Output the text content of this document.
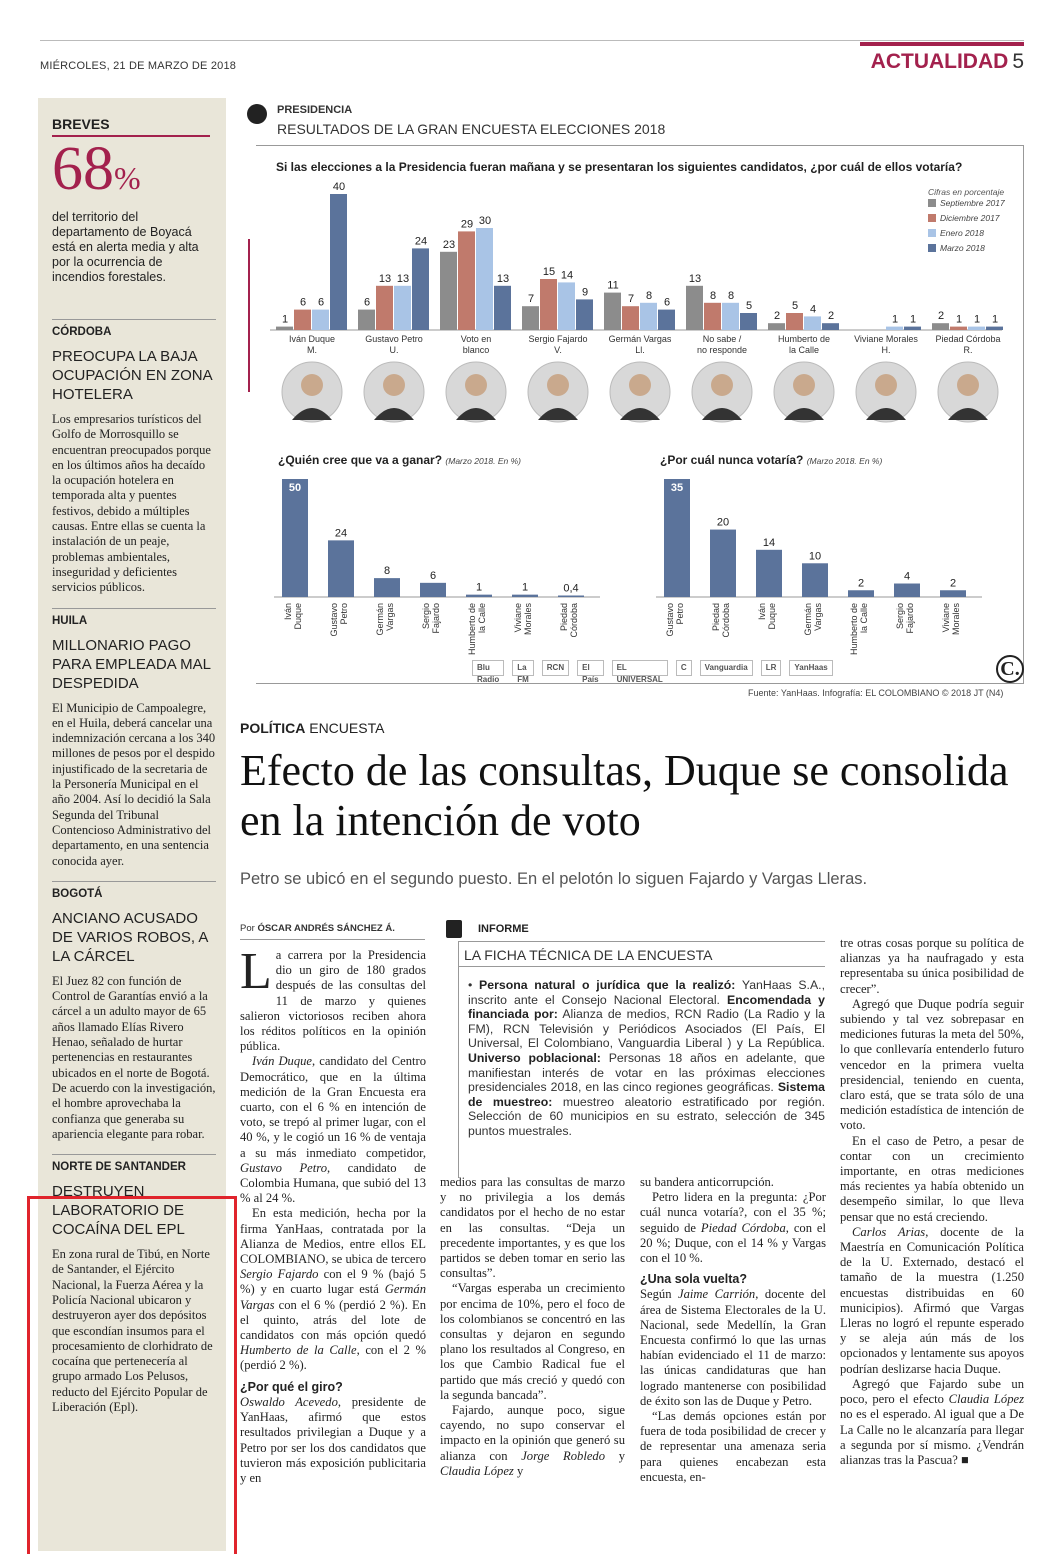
MIÉRCOLES, 21 DE MARZO DE 2018	ACTUALIDAD 5
BREVES
68%
del territorio del departamento de Boyacá está en alerta media y alta por la ocurrencia de incendios forestales.
CÓRDOBA
PREOCUPA LA BAJA OCUPACIÓN EN ZONA HOTELERA
Los empresarios turísticos del Golfo de Morrosquillo se encuentran preocupados porque en los últimos años ha decaído la ocupación hotelera en temporada alta y puentes festivos, debido a múltiples causas. Entre ellas se cuenta la instalación de un peaje, problemas ambientales, inseguridad y deficientes servicios públicos.
HUILA
MILLONARIO PAGO PARA EMPLEADA MAL DESPEDIDA
El Municipio de Campoalegre, en el Huila, deberá cancelar una indemnización cercana a los 340 millones de pesos por el despido injustificado de la secretaria de la Personería Municipal en el año 2004. Así lo decidió la Sala Segunda del Tribunal Contencioso Administrativo del departamento, en una sentencia conocida ayer.
BOGOTÁ
ANCIANO ACUSADO DE VARIOS ROBOS, A LA CÁRCEL
El Juez 82 con función de Control de Garantías envió a la cárcel a un adulto mayor de 65 años llamado Elías Rivero Henao, señalado de hurtar pertenencias en restaurantes ubicados en el norte de Bogotá. De acuerdo con la investigación, el hombre aprovechaba la confianza que generaba su apariencia elegante para robar.
NORTE DE SANTANDER
DESTRUYEN LABORATORIO DE COCAÍNA DEL EPL
En zona rural de Tibú, en Norte de Santander, el Ejército Nacional, la Fuerza Aérea y la Policía Nacional ubicaron y destruyeron ayer dos depósitos que escondían insumos para el procesamiento de clorhidrato de cocaína que pertenecería al grupo armado Los Pelusos, reducto del Ejército Popular de Liberación (Epl).
PRESIDENCIA
RESULTADOS DE LA GRAN ENCUESTA ELECCIONES 2018
Si las elecciones a la Presidencia fueran mañana y se presentaran los siguientes candidatos, ¿por cuál de ellos votaría?
1
6 6
40
Iván Duque
M.
6
13 13
24
Gustavo Petro
U.
23
29 30
13
Voto en
blanco
7
15 14
9
Sergio Fajardo
V.
11
7 8
6
Germán Vargas
Ll.
13
8 8
5
No sabe /
no responde
2
5 4
2
Humberto de
la Calle
1 1
Viviane Morales
H.
2 1 1 1
Piedad Córdoba
R.
Septiembre 2017
Diciembre 2017
Enero 2018
Marzo 2018
Cifras en porcentaje
¿Quién cree que va a ganar? (Marzo 2018. En %)
50
Iván Duque
24
Gustavo Petro
8
Germán Vargas
6
Sergio Fajardo
1
Humberto de la Calle
1
Viviane Morales
0,4
Piedad Córdoba
¿Por cuál nunca votaría? (Marzo 2018. En %)
35
Gustavo Petro
20
Piedad Córdoba
14
Iván Duque
10
Germán Vargas
2
Humberto de la Calle
4
Sergio Fajardo
2
Viviane Morales
Blu Radio
La FM
RCN	El País
EL UNIVERSAL
C	Vanguardia	LR	YanHaas	C.
Fuente: YanHaas. Infografía: EL COLOMBIANO © 2018 JT (N4)
POLÍTICA ENCUESTA
Efecto de las consultas, Duque se consolida en la intención de voto
Petro se ubicó en el segundo puesto. En el pelotón lo siguen Fajardo y Vargas Lleras.
Por ÓSCAR ANDRÉS SÁNCHEZ Á.

La carrera por la Presidencia dio un giro de 180 grados después de las consultas del 11 de marzo y quienes salieron victoriosos reciben ahora los réditos políticos en la opinión pública.

Iván Duque, candidato del Centro Democrático, que en la última medición de la Gran Encuesta era cuarto, con el 6 % en intención de voto, se trepó al primer lugar, con el 40 %, y le cogió un 16 % de ventaja a su más inmediato competidor, Gustavo Petro, candidato de Colombia Humana, que subió del 13 % al 24 %.

En esta medición, hecha por la firma YanHaas, contratada por la Alianza de Medios, entre ellos EL COLOMBIANO, se ubica de tercero Sergio Fajardo con el 9 % (bajó 5 %) y en cuarto lugar está Germán Vargas con el 6 % (perdió 2 %). En el quinto, atrás del lote de candidatos con más opción quedó Humberto de la Calle, con el 2 % (perdió 2 %).

¿Por qué el giro?

Oswaldo Acevedo, presidente de YanHaas, afirmó que estos resultados privilegian a Duque y a Petro por ser los dos candidatos que tuvieron más exposición publicitaria y en

INFORME
LA FICHA TÉCNICA DE LA ENCUESTA
• Persona natural o jurídica que la realizó: YanHaas S.A., inscrito ante el Consejo Nacional Electoral. Encomendada y financiada por: Alianza de medios, RCN Radio (La Radio y la FM), RCN Televisión y Periódicos Asociados (El País, El Universal, El Colombiano, Vanguardia Liberal ) y La República. Universo poblacional: Personas 18 años en adelante, que manifiestan interés de votar en las próximas elecciones presidenciales 2018, en las cinco regiones geográficas. Sistema de muestreo: muestreo aleatorio estratificado por región. Selección de 60 municipios en su estrato, selección de 345 puntos muestrales.

medios para las consultas de marzo y no privilegia a los demás candidatos por el hecho de no estar en las consultas. “Deja un precedente importantes, y es que los partidos se deben tomar en serio las consultas”.

“Vargas esperaba un crecimiento por encima de 10%, pero el foco de los colombianos se concentró en las consultas y dejaron en segundo plano los resultados al Congreso, en los que Cambio Radical fue el partido que más creció y quedó con la segunda bancada”.

Fajardo, aunque poco, sigue cayendo, no supo conservar el impacto en la opinión que generó su alianza con Jorge Robledo y Claudia López y

su bandera anticorrupción.

Petro lidera en la pregunta: ¿Por cuál nunca votaría?, con el 35 %; seguido de Piedad Córdoba, con el 20 %; Duque, con el 14 % y Vargas con el 10 %.

¿Una sola vuelta?

Según Jaime Carrión, docente del área de Sistema Electorales de la U. Nacional, sede Medellín, la Gran Encuesta confirmó lo que las urnas habían evidenciado el 11 de marzo: las únicas candidaturas que han logrado mantenerse con posibilidad de éxito son las de Duque y Petro.

“Las demás opciones están por fuera de toda posibilidad de crecer y de representar una amenaza seria para quienes encabezan esta encuesta, en-

tre otras cosas porque su política de alianzas ya ha naufragado y esta representaba su única posibilidad de crecer”.

Agregó que Duque podría seguir subiendo y tal vez sobrepasar en mediciones futuras la meta del 50%, lo que conllevaría entenderlo futuro vencedor en la primera vuelta presidencial, teniendo en cuenta, claro está, que se trata sólo de una medición estadística de intención de voto.

En el caso de Petro, a pesar de contar con un crecimiento importante, en otras mediciones más recientes ya había obtenido un desempeño similar, lo que lleva pensar que no está creciendo.

Carlos Arias, docente de la Maestría en Comunicación Política de la U. Externado, destacó el tamaño de la muestra (1.250 encuestas distribuidas en 60 municipios). Afirmó que Vargas Lleras no logró el repunte esperado y se aleja aún más de los opcionados y lentamente sus apoyos podrían deslizarse hacia Duque.

Agregó que Fajardo sube un poco, pero el efecto Claudia López no es el esperado. Al igual que a De La Calle no le alcanzaría para llegar a segunda por sí mismo. ¿Vendrán alianzas tras la Pascua? ■
